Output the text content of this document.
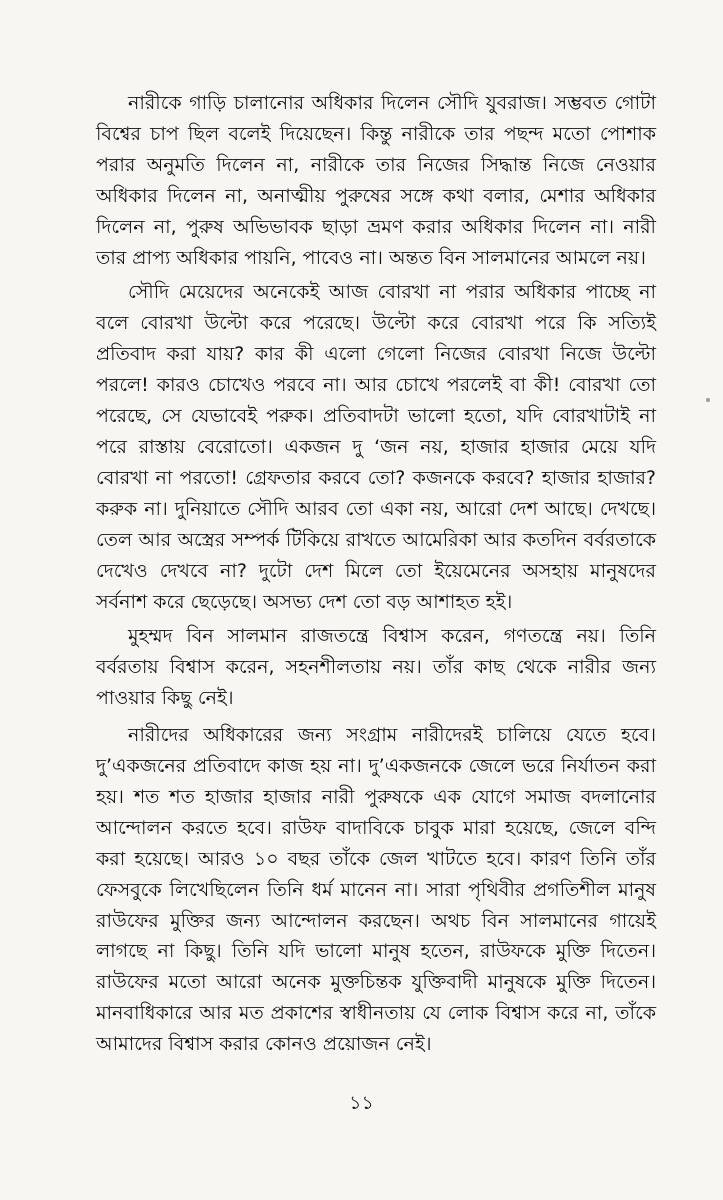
নারীকে গাড়ি চালানোর অধিকার দিলেন সৌদি যুবরাজ। সম্ভবত গোটা বিশ্বের চাপ ছিল বলেই দিয়েছেন। কিন্তু নারীকে তার পছন্দ মতো পোশাক পরার অনুমতি দিলেন না, নারীকে তার নিজের সিদ্ধান্ত নিজে নেওয়ার অধিকার দিলেন না, অনাত্মীয় পুরুষের সঙ্গে কথা বলার, মেশার অধিকার দিলেন না, পুরুষ অভিভাবক ছাড়া ভ্রমণ করার অধিকার দিলেন না। নারী তার প্রাপ্য অধিকার পায়নি, পাবেও না। অন্তত বিন সালমানের আমলে নয়।

সৌদি মেয়েদের অনেকেই আজ বোরখা না পরার অধিকার পাচ্ছে না বলে বোরখা উল্টো করে পরেছে। উল্টো করে বোরখা পরে কি সত্যিই প্রতিবাদ করা যায়? কার কী এলো গেলো নিজের বোরখা নিজে উল্টো পরলে! কারও চোখেও পরবে না। আর চোখে পরলেই বা কী! বোরখা তো পরেছে, সে যেভাবেই পরুক। প্রতিবাদটা ভালো হতো, যদি বোরখাটাই না পরে রাস্তায় বেরোতো। একজন দু ‘জন নয়, হাজার হাজার মেয়ে যদি বোরখা না পরতো! গ্রেফতার করবে তো? কজনকে করবে? হাজার হাজার? করুক না। দুনিয়াতে সৌদি আরব তো একা নয়, আরো দেশ আছে। দেখছে। তেল আর অস্ত্রের সম্পর্ক টিকিয়ে রাখতে আমেরিকা আর কতদিন বর্বরতাকে দেখেও দেখবে না? দুটো দেশ মিলে তো ইয়েমেনের অসহায় মানুষদের সর্বনাশ করে ছেড়েছে। অসভ্য দেশ তো বড় আশাহত হই।

মুহম্মদ বিন সালমান রাজতন্ত্রে বিশ্বাস করেন, গণতন্ত্রে নয়। তিনি বর্বরতায় বিশ্বাস করেন, সহনশীলতায় নয়। তাঁর কাছ থেকে নারীর জন্য পাওয়ার কিছু নেই।

নারীদের অধিকারের জন্য সংগ্রাম নারীদেরই চালিয়ে যেতে হবে। দু’একজনের প্রতিবাদে কাজ হয় না। দু’একজনকে জেলে ভরে নির্যাতন করা হয়। শত শত হাজার হাজার নারী পুরুষকে এক যোগে সমাজ বদলানোর আন্দোলন করতে হবে। রাউফ বাদাবিকে চাবুক মারা হয়েছে, জেলে বন্দি করা হয়েছে। আরও ১০ বছর তাঁকে জেল খাটতে হবে। কারণ তিনি তাঁর ফেসবুকে লিখেছিলেন তিনি ধর্ম মানেন না। সারা পৃথিবীর প্রগতিশীল মানুষ রাউফের মুক্তির জন্য আন্দোলন করছেন। অথচ বিন সালমানের গায়েই লাগছে না কিছু। তিনি যদি ভালো মানুষ হতেন, রাউফকে মুক্তি দিতেন। রাউফের মতো আরো অনেক মুক্তচিন্তক যুক্তিবাদী মানুষকে মুক্তি দিতেন। মানবাধিকারে আর মত প্রকাশের স্বাধীনতায় যে লোক বিশ্বাস করে না, তাঁকে আমাদের বিশ্বাস করার কোনও প্রয়োজন নেই।

১১
